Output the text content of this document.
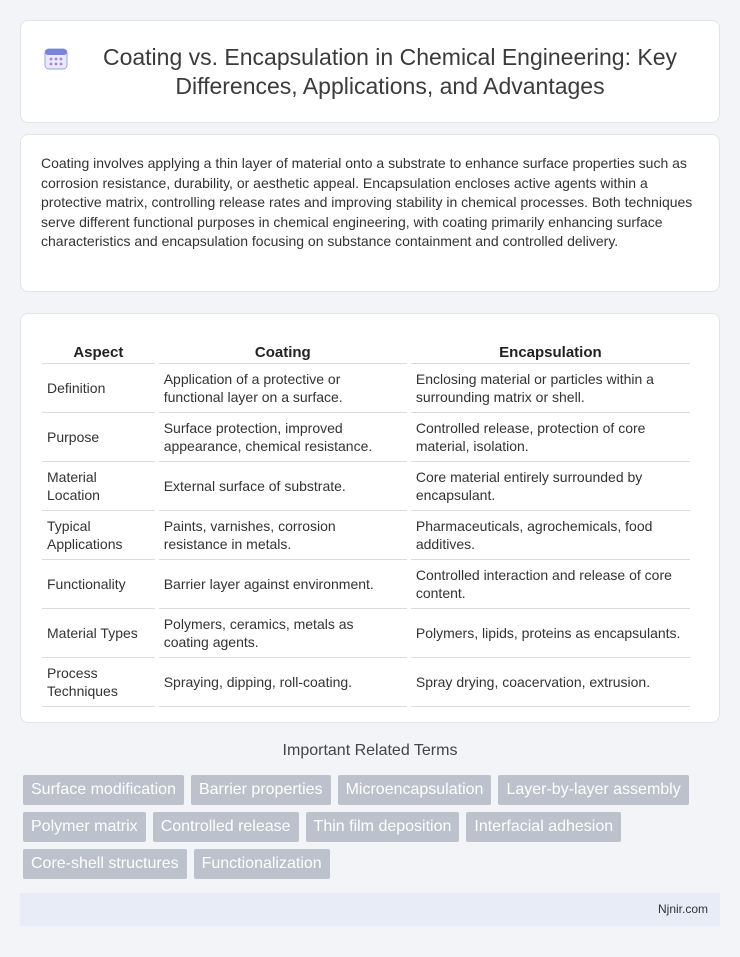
Coating vs. Encapsulation in Chemical Engineering: Key Differences, Applications, and Advantages

Coating involves applying a thin layer of material onto a substrate to enhance surface properties such as corrosion resistance, durability, or aesthetic appeal. Encapsulation encloses active agents within a protective matrix, controlling release rates and improving stability in chemical processes. Both techniques serve different functional purposes in chemical engineering, with coating primarily enhancing surface characteristics and encapsulation focusing on substance containment and controlled delivery.

Aspect	Coating	Encapsulation
Definition	Application of a protective or functional layer on a surface.	Enclosing material or particles within a surrounding matrix or shell.
Purpose	Surface protection, improved appearance, chemical resistance.	Controlled release, protection of core material, isolation.
Material Location	External surface of substrate.	Core material entirely surrounded by encapsulant.
Typical Applications	Paints, varnishes, corrosion resistance in metals.	Pharmaceuticals, agrochemicals, food additives.
Functionality	Barrier layer against environment.	Controlled interaction and release of core content.
Material Types	Polymers, ceramics, metals as coating agents.	Polymers, lipids, proteins as encapsulants.
Process Techniques	Spraying, dipping, roll-coating.	Spray drying, coacervation, extrusion.
Important Related Terms
Surface modification	Barrier properties	Microencapsulation	Layer-by-layer assembly
Polymer matrix	Controlled release	Thin film deposition	Interfacial adhesion
Core-shell structures	Functionalization
Njnir.com
